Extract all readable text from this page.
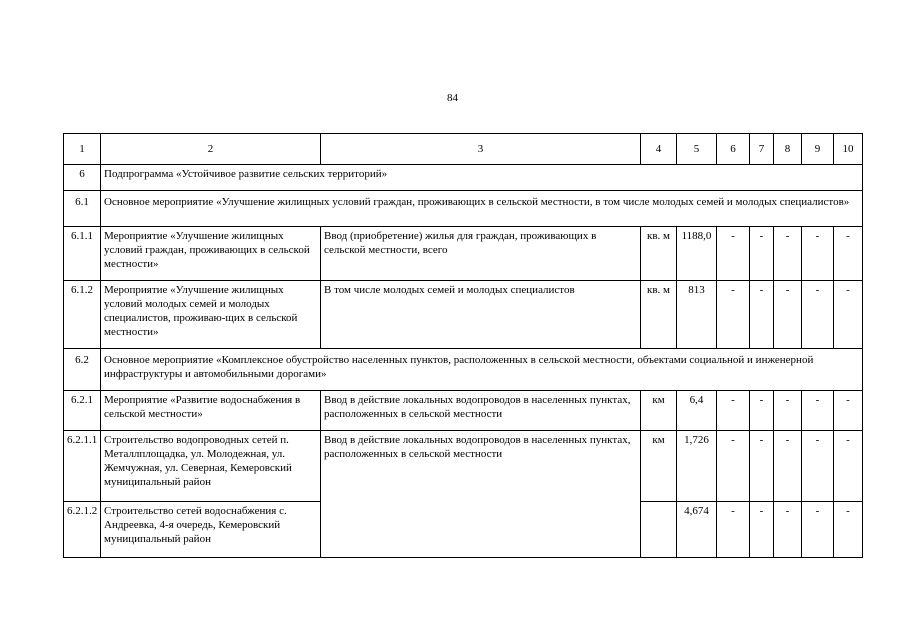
84
1	2	3	4	5	6	7	8	9	10
6	Подпрограмма «Устойчивое развитие сельских территорий»								
6.1	Основное мероприятие «Улучшение жилищных условий граждан, проживающих в сельской местности, в том числе молодых семей и молодых специалистов»								
6.1.1	Мероприятие «Улучшение жилищных условий граждан, проживающих в сельской местности»	Ввод (приобретение) жилья для граждан, проживающих в сельской местности, всего	кв. м	1188,0	-	-	-	-	-
6.1.2	Мероприятие «Улучшение жилищных условий молодых семей и молодых специалистов, проживаю-щих в сельской местности»	В том числе молодых семей и молодых специалистов	кв. м	813	-	-	-	-	-
6.2	Основное мероприятие «Комплексное обустройство населенных пунктов, расположенных в сельской местности, объектами социальной и инженерной инфраструктуры и автомобильными дорогами»								
6.2.1	Мероприятие «Развитие водоснабжения в сельской местности»	Ввод в действие локальных водопроводов в населенных пунктах, расположенных в сельской местности	км	6,4	-	-	-	-	-
6.2.1.1	Строительство водопроводных сетей п. Металлплощадка, ул. Молодежная, ул. Жемчужная, ул. Северная, Кемеровский муниципальный район	Ввод в действие локальных водопроводов в населенных пунктах, расположенных в сельской местности	км	1,726	-	-	-	-	-
6.2.1.2	Строительство сетей водоснабжения с. Андреевка, 4-я очередь, Кемеровский муниципальный район			4,674	-	-	-	-	-
